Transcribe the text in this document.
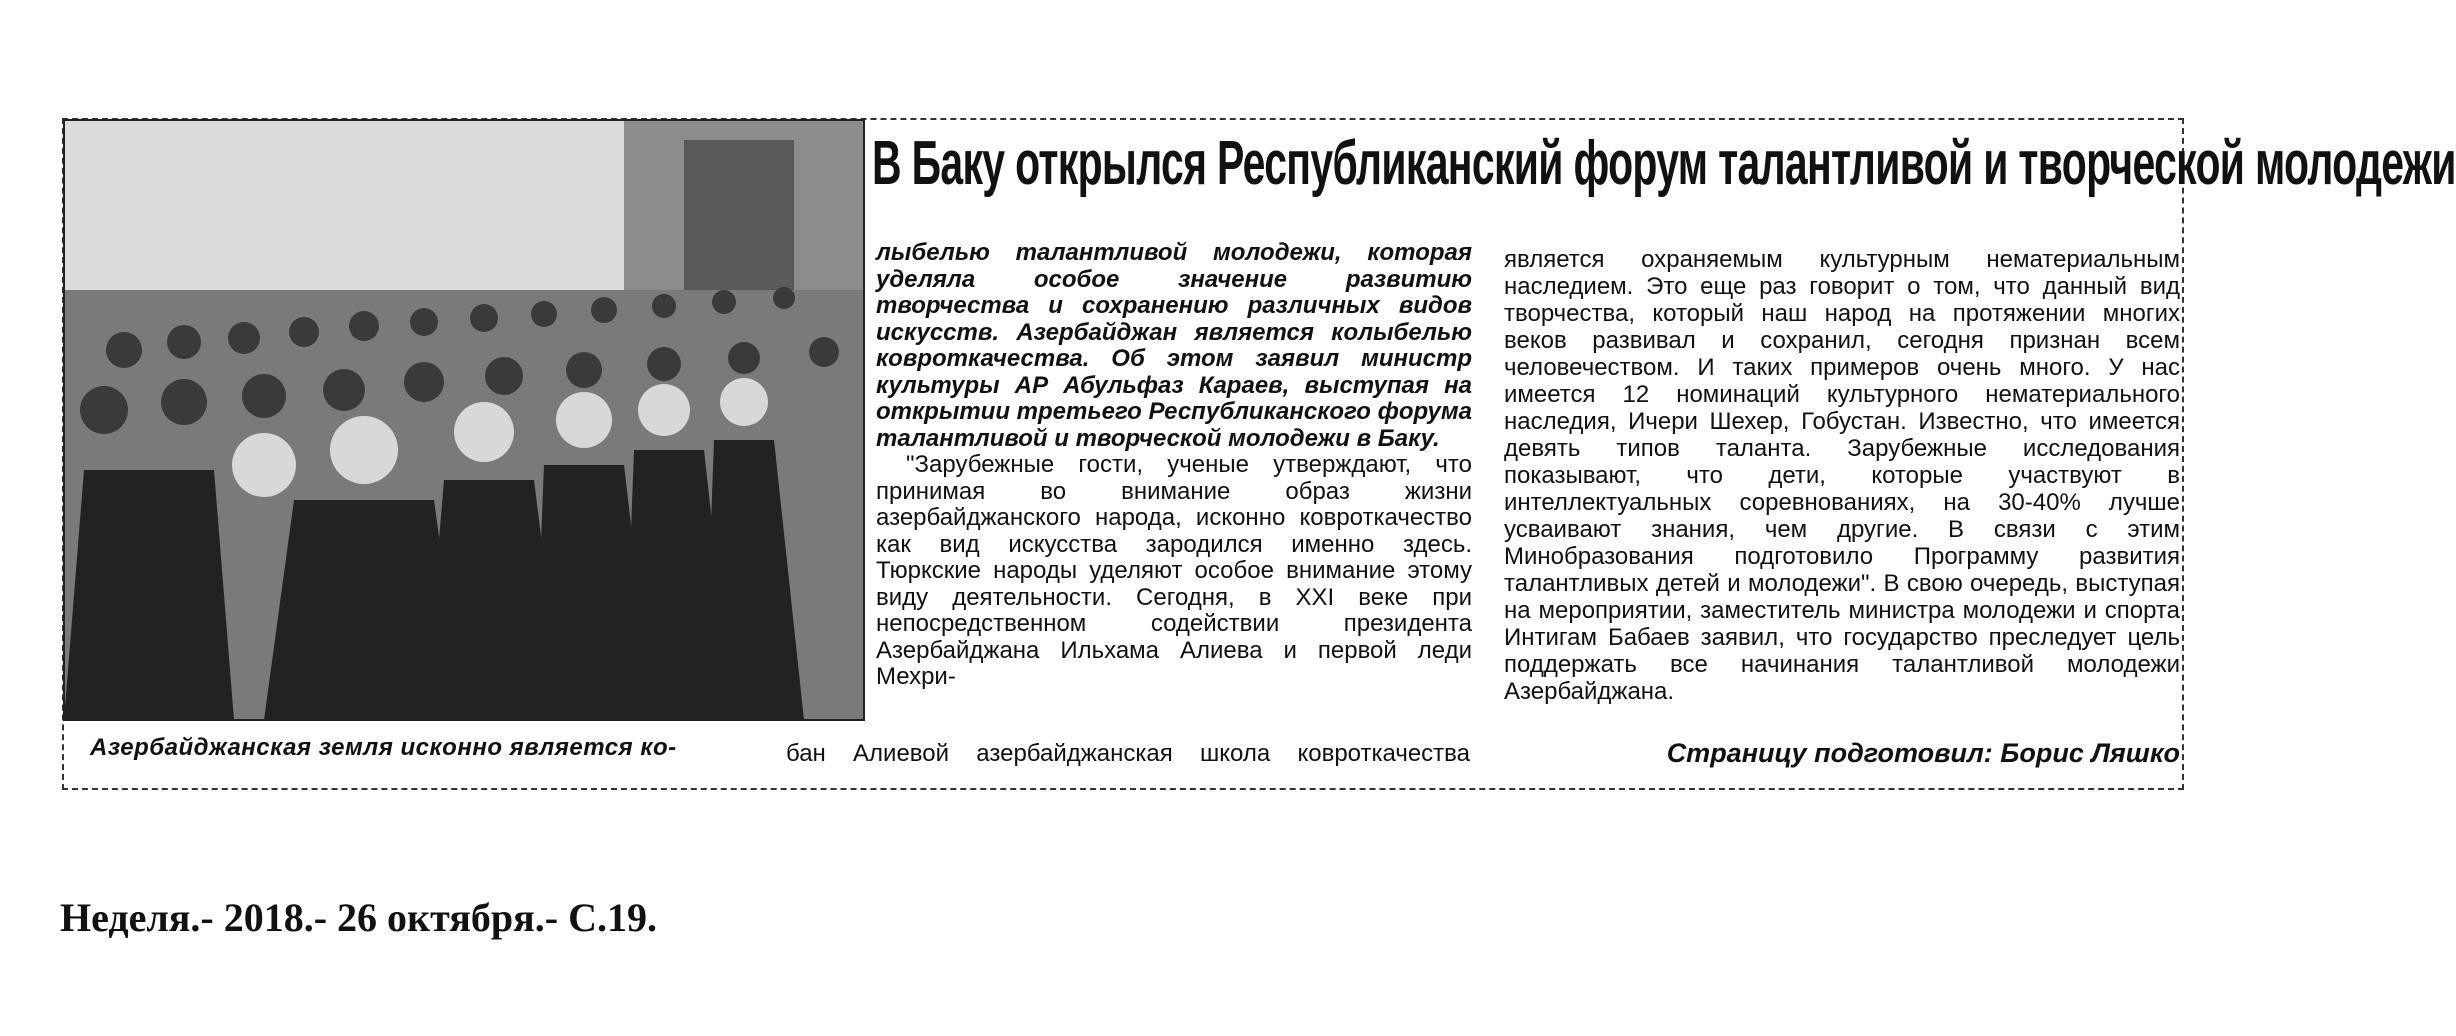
Азербайджанская земля исконно является ко-
В Баку открылся Республиканский форум талантливой и творческой молодежи

лыбелью талантливой молодежи, которая уделяла особое значение развитию творчества и сохранению различных видов искусств. Азербайджан является колыбелью ковроткачества. Об этом заявил министр культуры АР Абульфаз Караев, выступая на открытии третьего Республиканского форума талантливой и творческой молодежи в Баку.

"Зарубежные гости, ученые утверждают, что принимая во внимание образ жизни азербайджанского народа, исконно ковроткачество как вид искусства зародился именно здесь. Тюркские народы уделяют особое внимание этому виду деятельности. Сегодня, в XXI веке при непосредственном содействии президента Азербайджана Ильхама Алиева и первой леди Мехри-

бан Алиевой азербайджанская школа ковроткачества

является охраняемым культурным нематериальным наследием. Это еще раз говорит о том, что данный вид творчества, который наш народ на протяжении многих веков развивал и сохранил, сегодня признан всем человечеством. И таких примеров очень много. У нас имеется 12 номинаций культурного нематериального наследия, Ичери Шехер, Гобустан. Известно, что имеется девять типов таланта. Зарубежные исследования показывают, что дети, которые участвуют в интеллектуальных соревнованиях, на 30-40% лучше усваивают знания, чем другие. В связи с этим Минобразования подготовило Программу развития талантливых детей и молодежи". В свою очередь, выступая на мероприятии, заместитель министра молодежи и спорта Интигам Бабаев заявил, что государство преследует цель поддержать все начинания талантливой молодежи Азербайджана.

Страницу подготовил: Борис Ляшко
Неделя.- 2018.- 26 октября.- С.19.
